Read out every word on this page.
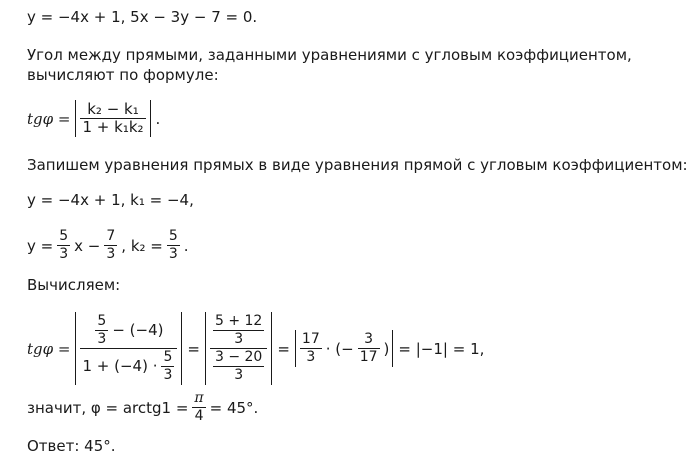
y = −4x + 1, 5x − 3y − 7 = 0.
Угол между прямыми, заданными уравнениями с угловым коэффициентом,
вычисляют по формуле:
$tg\varphi = \frac{\text{k₂ − k₁}}{\text{1 + k₁k₂}}$ .
Запишем уравнения прямых в виде уравнения прямой с угловым коэффициентом:
y = −4x + 1, k₁ = −4,
$y = \frac{5}{3}$ $x - \frac{7}{3}$ , $k_2 = \frac{5}{3}$ .
Вычисляем:
$tg\varphi = \frac{\frac{5}{3} - (-4)}{1 + (-4) \cdot \frac{5}{3}} = \frac{\frac{5 + 12}{3}}{\frac{3 - 20}{3}} = \frac{17}{3}$ · (− $\frac{3}{17}$ ) = |−1| = 1,
значит, φ = arctg1 = $\frac{\pi}{4} = 45^\circ$.
Ответ: 45°.
